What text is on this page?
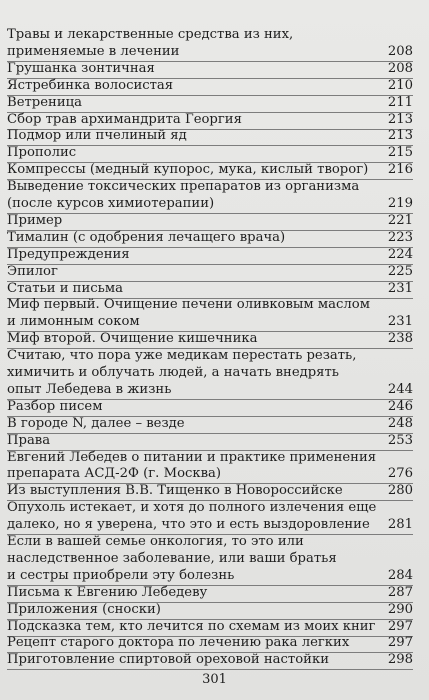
Травы и лекарственные средства из них,
применяемые в лечении	208
Грушанка зонтичная	208
Ястребинка волосистая	210
Ветреница	211
Сбор трав архимандрита Георгия	213
Подмор или пчелиный яд	213
Прополис	215
Компрессы (медный купорос, мука, кислый творог) 216
Выведение токсических препаратов из организма
(после курсов химиотерапии)	219
Пример	221
Тималин (с одобрения лечащего врача)	223
Предупреждения	224
Эпилог	225
Статьи и письма	231
Миф первый. Очищение печени оливковым маслом
и лимонным соком	231
Миф второй. Очищение кишечника	238
Считаю, что пора уже медикам перестать резать,
химичить и облучать людей, а начать внедрять
опыт Лебедева в жизнь	244
Разбор писем	246
В городе N, далее – везде	248
Права	253
Евгений Лебедев о питании и практике применения
препарата АСД-2Ф (г. Москва)	276
Из выступления В.В. Тищенко в Новороссийске	280
Опухоль истекает, и хотя до полного излечения еще
далеко, но я уверена, что это и есть выздоровление 281
Если в вашей семье онкология, то это или
наследственное заболевание, или ваши братья
и сестры приобрели эту болезнь	284
Письма к Евгению Лебедеву	287
Приложения (сноски)	290
Подсказка тем, кто лечится по схемам из моих книг 297
Рецепт старого доктора по лечению рака легких	297
Приготовление спиртовой ореховой настойки	298
301
